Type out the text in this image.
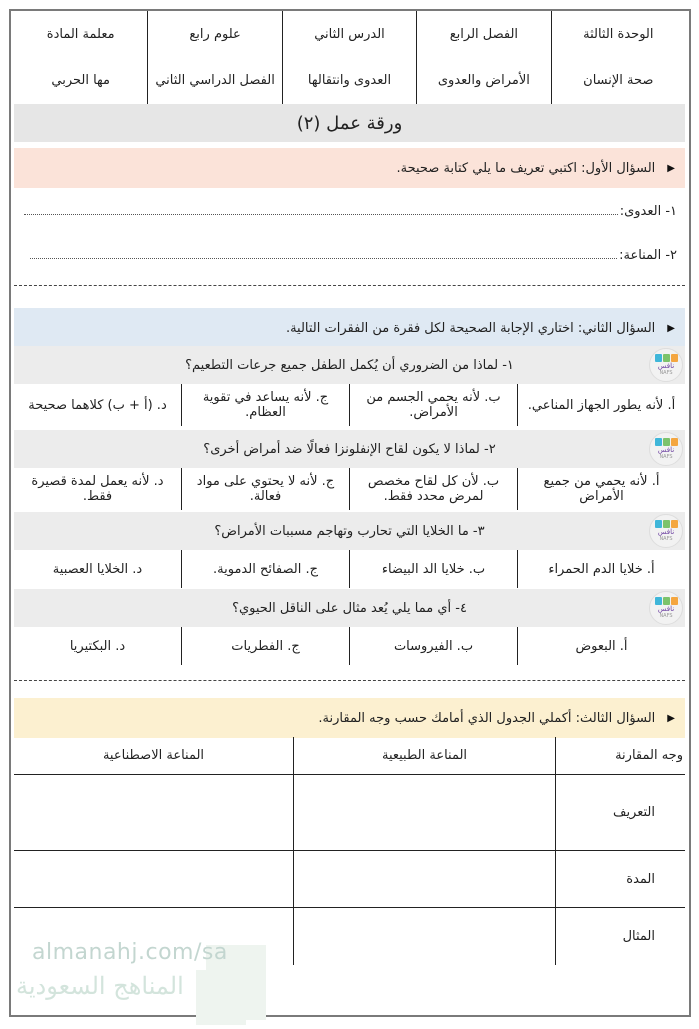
الوحدة الثالثة
صحة الإنسان
الفصل الرابع
الأمراض والعدوى
الدرس الثاني
العدوى وانتقالها
علوم رابع
الفصل الدراسي الثاني
معلمة المادة
مها الحربي
ورقة عمل (٢)
▶
السؤال الأول: اكتبي تعريف ما يلي كتابة صحيحة.
١- العدوى:
٢- المناعة:
▶
السؤال الثاني: اختاري الإجابة الصحيحة لكل فقرة من الفقرات التالية.
نافس
NAFS
١- لماذا من الضروري أن يُكمل الطفل جميع جرعات التطعيم؟
أ. لأنه يطور الجهاز المناعي.
ب. لأنه يحمي الجسم من الأمراض.
ج. لأنه يساعد في تقوية العظام.
د. (أ + ب) كلاهما صحيحة
نافس
NAFS
٢- لماذا لا يكون لقاح الإنفلونزا فعالًا ضد أمراض أخرى؟
أ. لأنه يحمي من جميع الأمراض
ب. لأن كل لقاح مخصص لمرض محدد فقط.
ج. لأنه لا يحتوي على مواد فعالة.
د. لأنه يعمل لمدة قصيرة فقط.
نافس
NAFS
٣- ما الخلايا التي تحارب وتهاجم مسببات الأمراض؟
أ. خلايا الدم الحمراء
ب. خلايا الد البيضاء
ج. الصفائح الدموية.
د. الخلايا العصبية
نافس
NAFS
٤- أي مما يلي يُعد مثال على الناقل الحيوي؟
أ. البعوض
ب. الفيروسات
ج. الفطريات
د. البكتيريا
▶
السؤال الثالث: أكملي الجدول الذي أمامك حسب وجه المقارنة.
وجه المقارنة
المناعة الطبيعية
المناعة الاصطناعية
التعريف
المدة
المثال
almanahj.com/sa
المناهج السعودية
